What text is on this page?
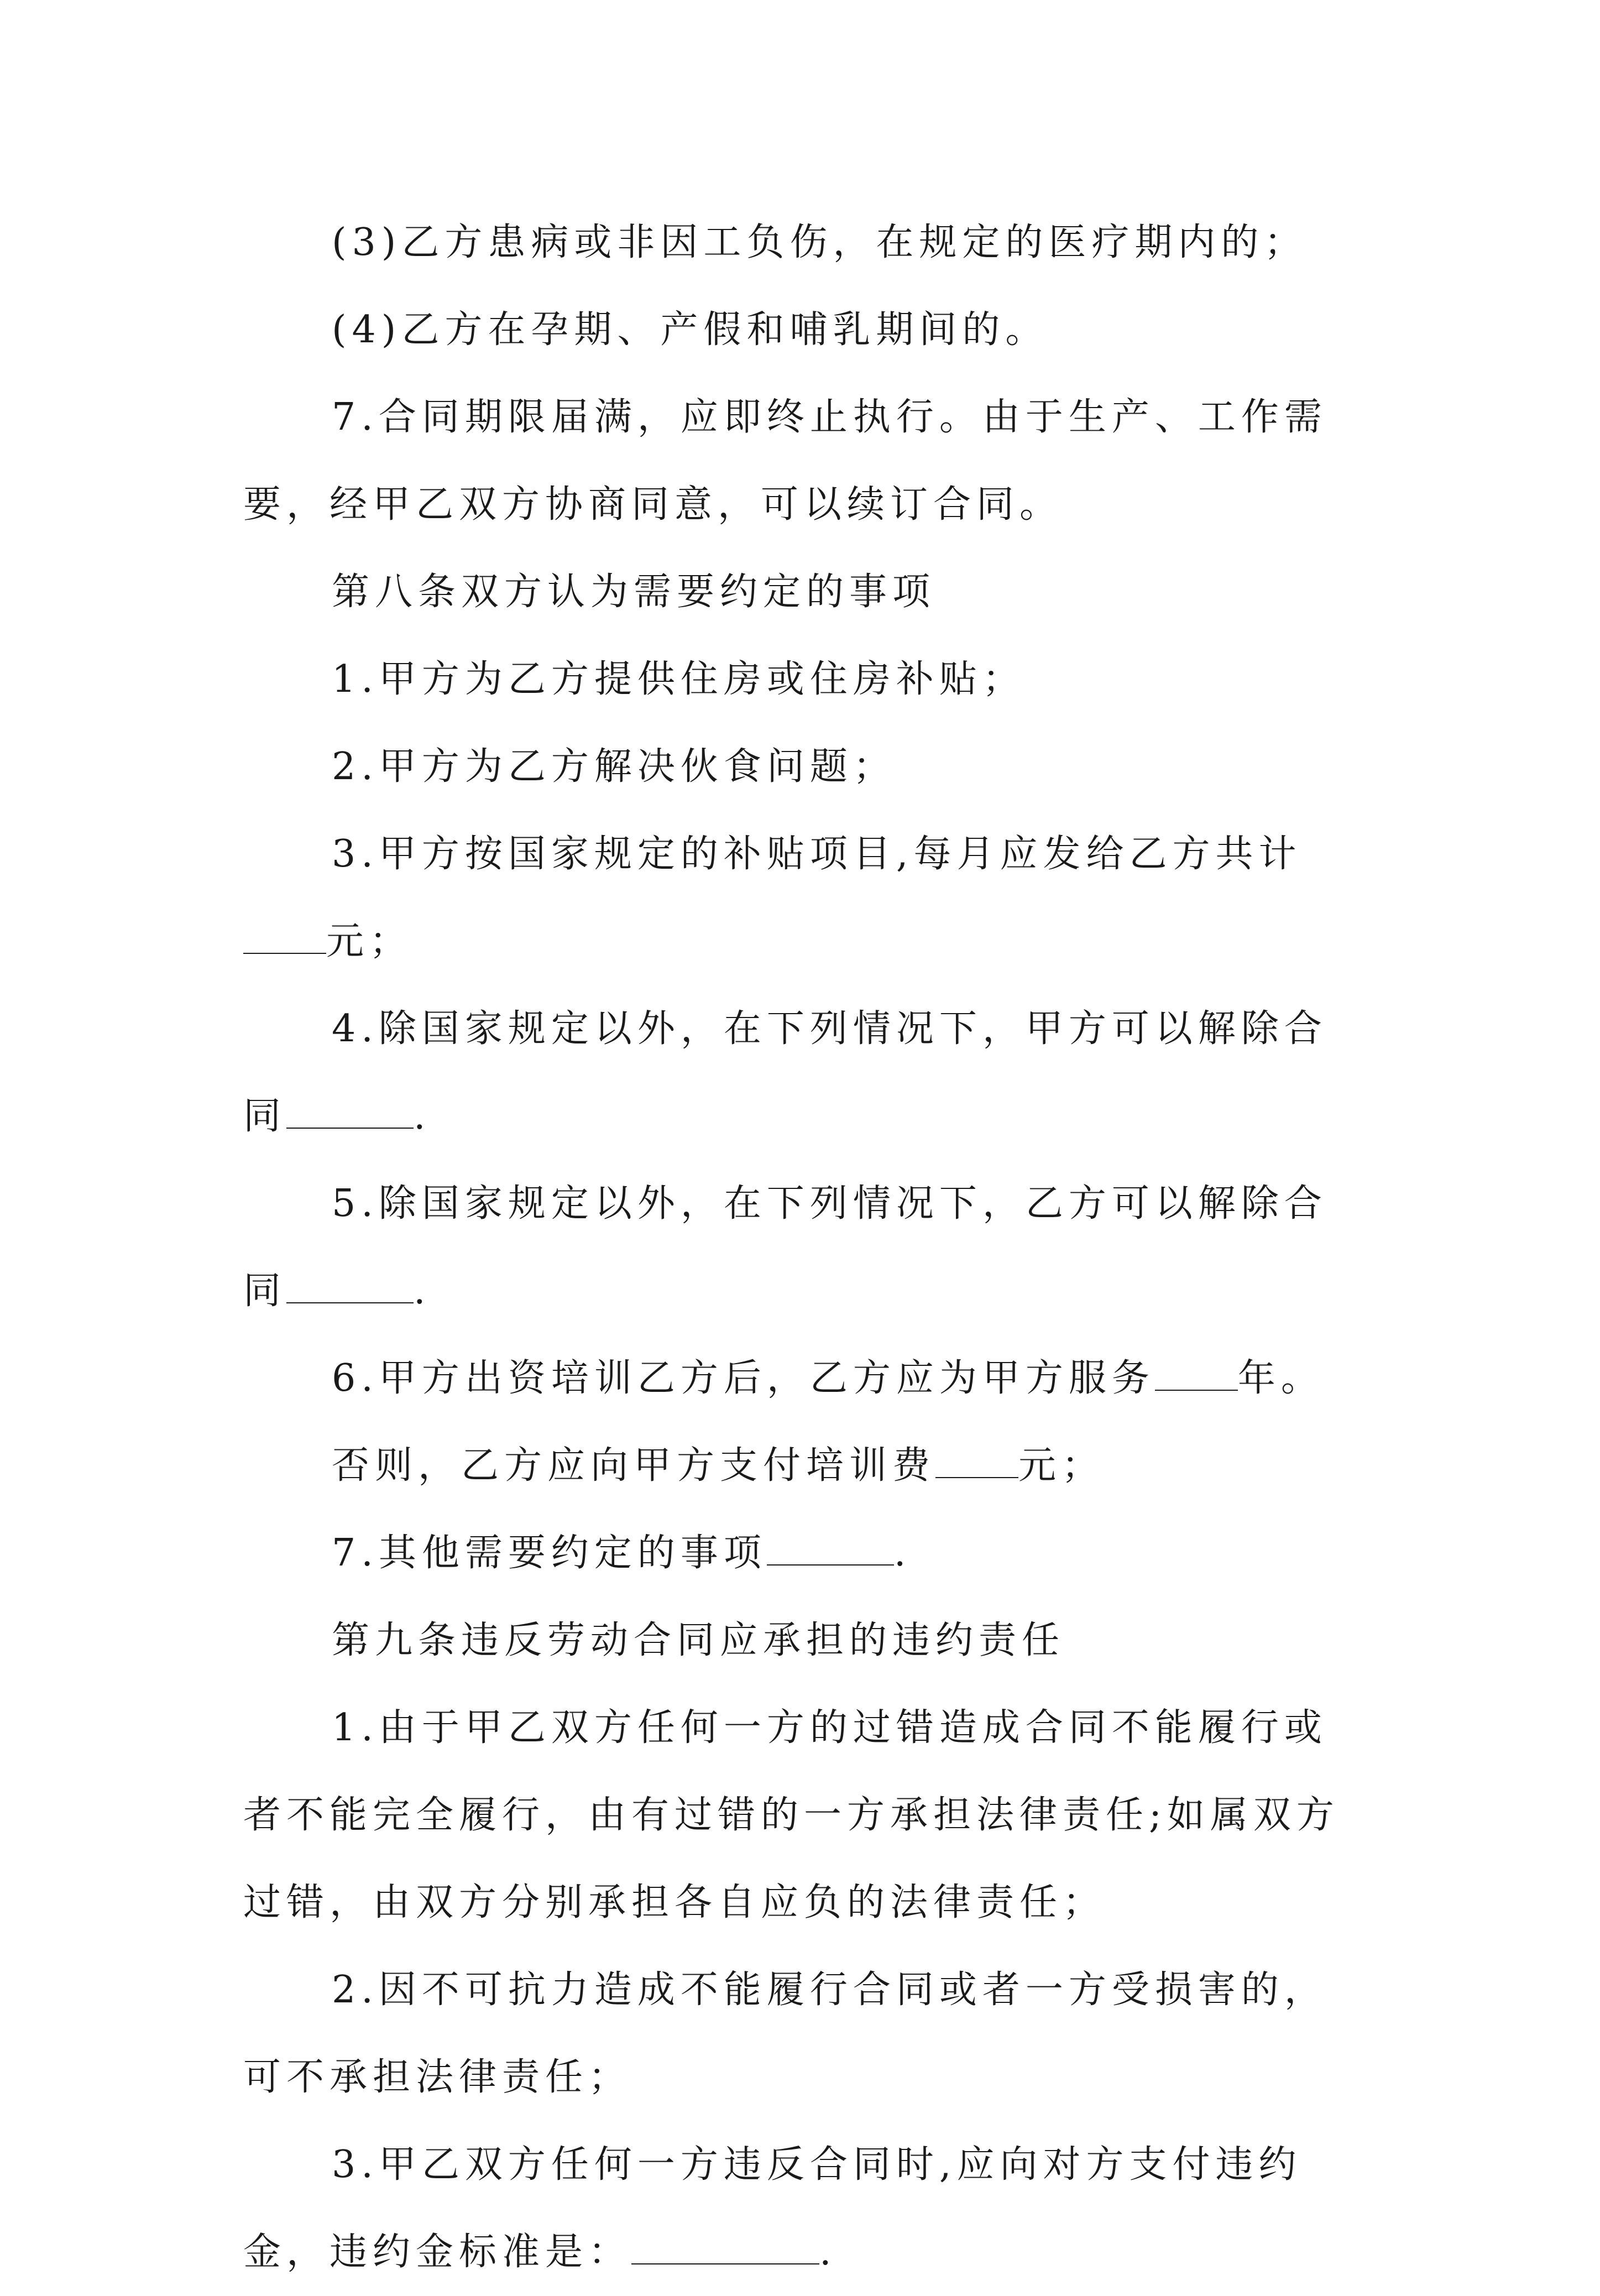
(3)乙方患病或非因工负伤，在规定的医疗期内的；

(4)乙方在孕期、产假和哺乳期间的。

7.合同期限届满，应即终止执行。由于生产、工作需要，经甲乙双方协商同意，可以续订合同。

第八条双方认为需要约定的事项

1.甲方为乙方提供住房或住房补贴；

2.甲方为乙方解决伙食问题；

3.甲方按国家规定的补贴项目,每月应发给乙方共计元；

4.除国家规定以外，在下列情况下，甲方可以解除合同	.

5.除国家规定以外，在下列情况下，乙方可以解除合同	.

6.甲方出资培训乙方后，乙方应为甲方服务 年。

否则，乙方应向甲方支付培训费 元；

7.其他需要约定的事项	.

第九条违反劳动合同应承担的违约责任

1.由于甲乙双方任何一方的过错造成合同不能履行或者不能完全履行，由有过错的一方承担法律责任;如属双方过错，由双方分别承担各自应负的法律责任；

2.因不可抗力造成不能履行合同或者一方受损害的，可不承担法律责任；

3.甲乙双方任何一方违反合同时,应向对方支付违约金，违约金标准是：	.
